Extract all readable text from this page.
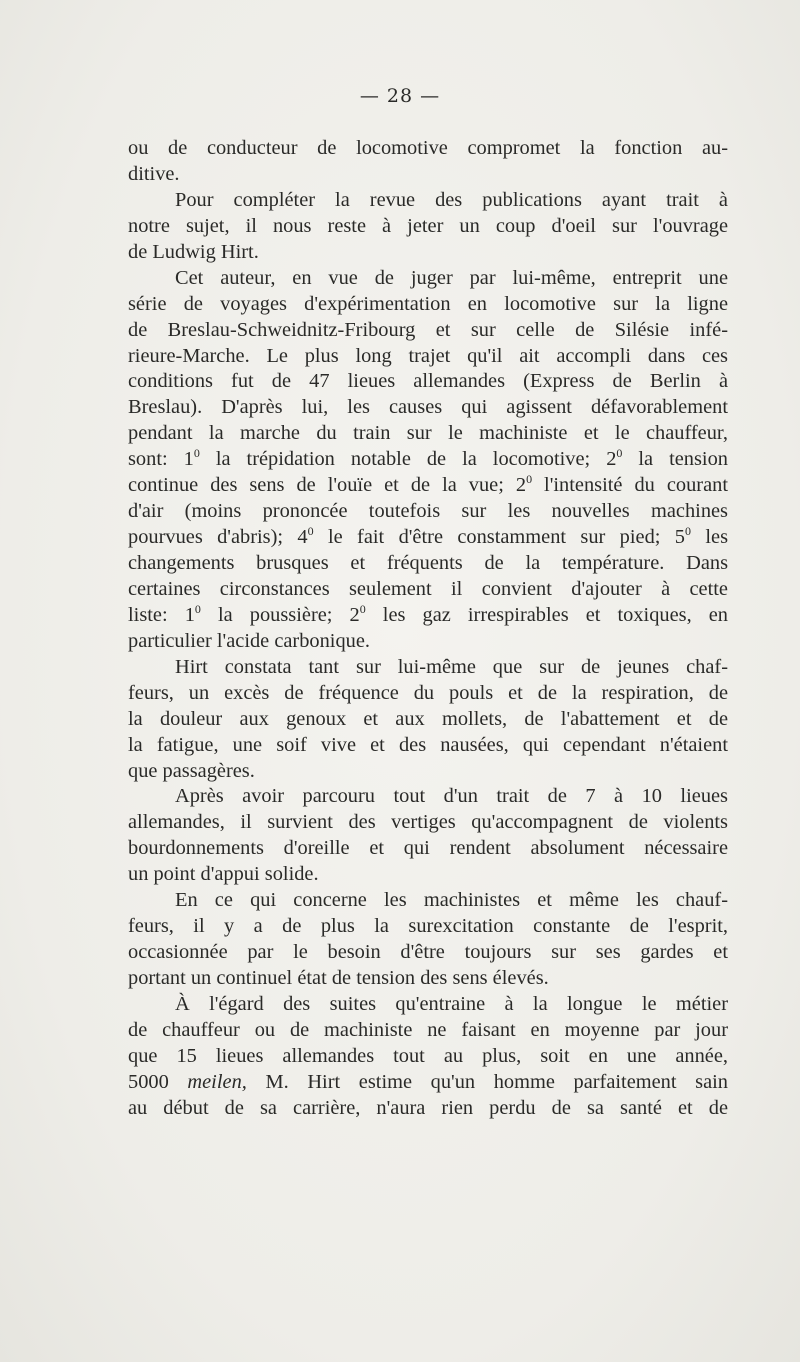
— 28 —
ou de conducteur de locomotive compromet la fonction au-
ditive.
Pour compléter la revue des publications ayant trait à
notre sujet, il nous reste à jeter un coup d'oeil sur l'ouvrage
de Ludwig Hirt.
Cet auteur, en vue de juger par lui-même, entreprit une
série de voyages d'expérimentation en locomotive sur la ligne
de Breslau-Schweidnitz-Fribourg et sur celle de Silésie infé-
rieure-Marche. Le plus long trajet qu'il ait accompli dans ces
conditions fut de 47 lieues allemandes (Express de Berlin à
Breslau). D'après lui, les causes qui agissent défavorablement
pendant la marche du train sur le machiniste et le chauffeur,
sont: $1^0$ la trépidation notable de la locomotive; $2^0$ la tension
continue des sens de l'ouïe et de la vue; $2^0$ l'intensité du courant
d'air (moins prononcée toutefois sur les nouvelles machines
pourvues d'abris); $4^0$ le fait d'être constamment sur pied; $5^0$ les
changements brusques et fréquents de la température. Dans
certaines circonstances seulement il convient d'ajouter à cette
liste: $1^0$ la poussière; $2^0$ les gaz irrespirables et toxiques, en
particulier l'acide carbonique.
Hirt constata tant sur lui-même que sur de jeunes chaf-
feurs, un excès de fréquence du pouls et de la respiration, de
la douleur aux genoux et aux mollets, de l'abattement et de
la fatigue, une soif vive et des nausées, qui cependant n'étaient
que passagères.
Après avoir parcouru tout d'un trait de 7 à 10 lieues
allemandes, il survient des vertiges qu'accompagnent de violents
bourdonnements d'oreille et qui rendent absolument nécessaire
un point d'appui solide.
En ce qui concerne les machinistes et même les chauf-
feurs, il y a de plus la surexcitation constante de l'esprit,
occasionnée par le besoin d'être toujours sur ses gardes et
portant un continuel état de tension des sens élevés.
À l'égard des suites qu'entraine à la longue le métier
de chauffeur ou de machiniste ne faisant en moyenne par jour
que 15 lieues allemandes tout au plus, soit en une année,
5000 meilen, M. Hirt estime qu'un homme parfaitement sain
au début de sa carrière, n'aura rien perdu de sa santé et de
